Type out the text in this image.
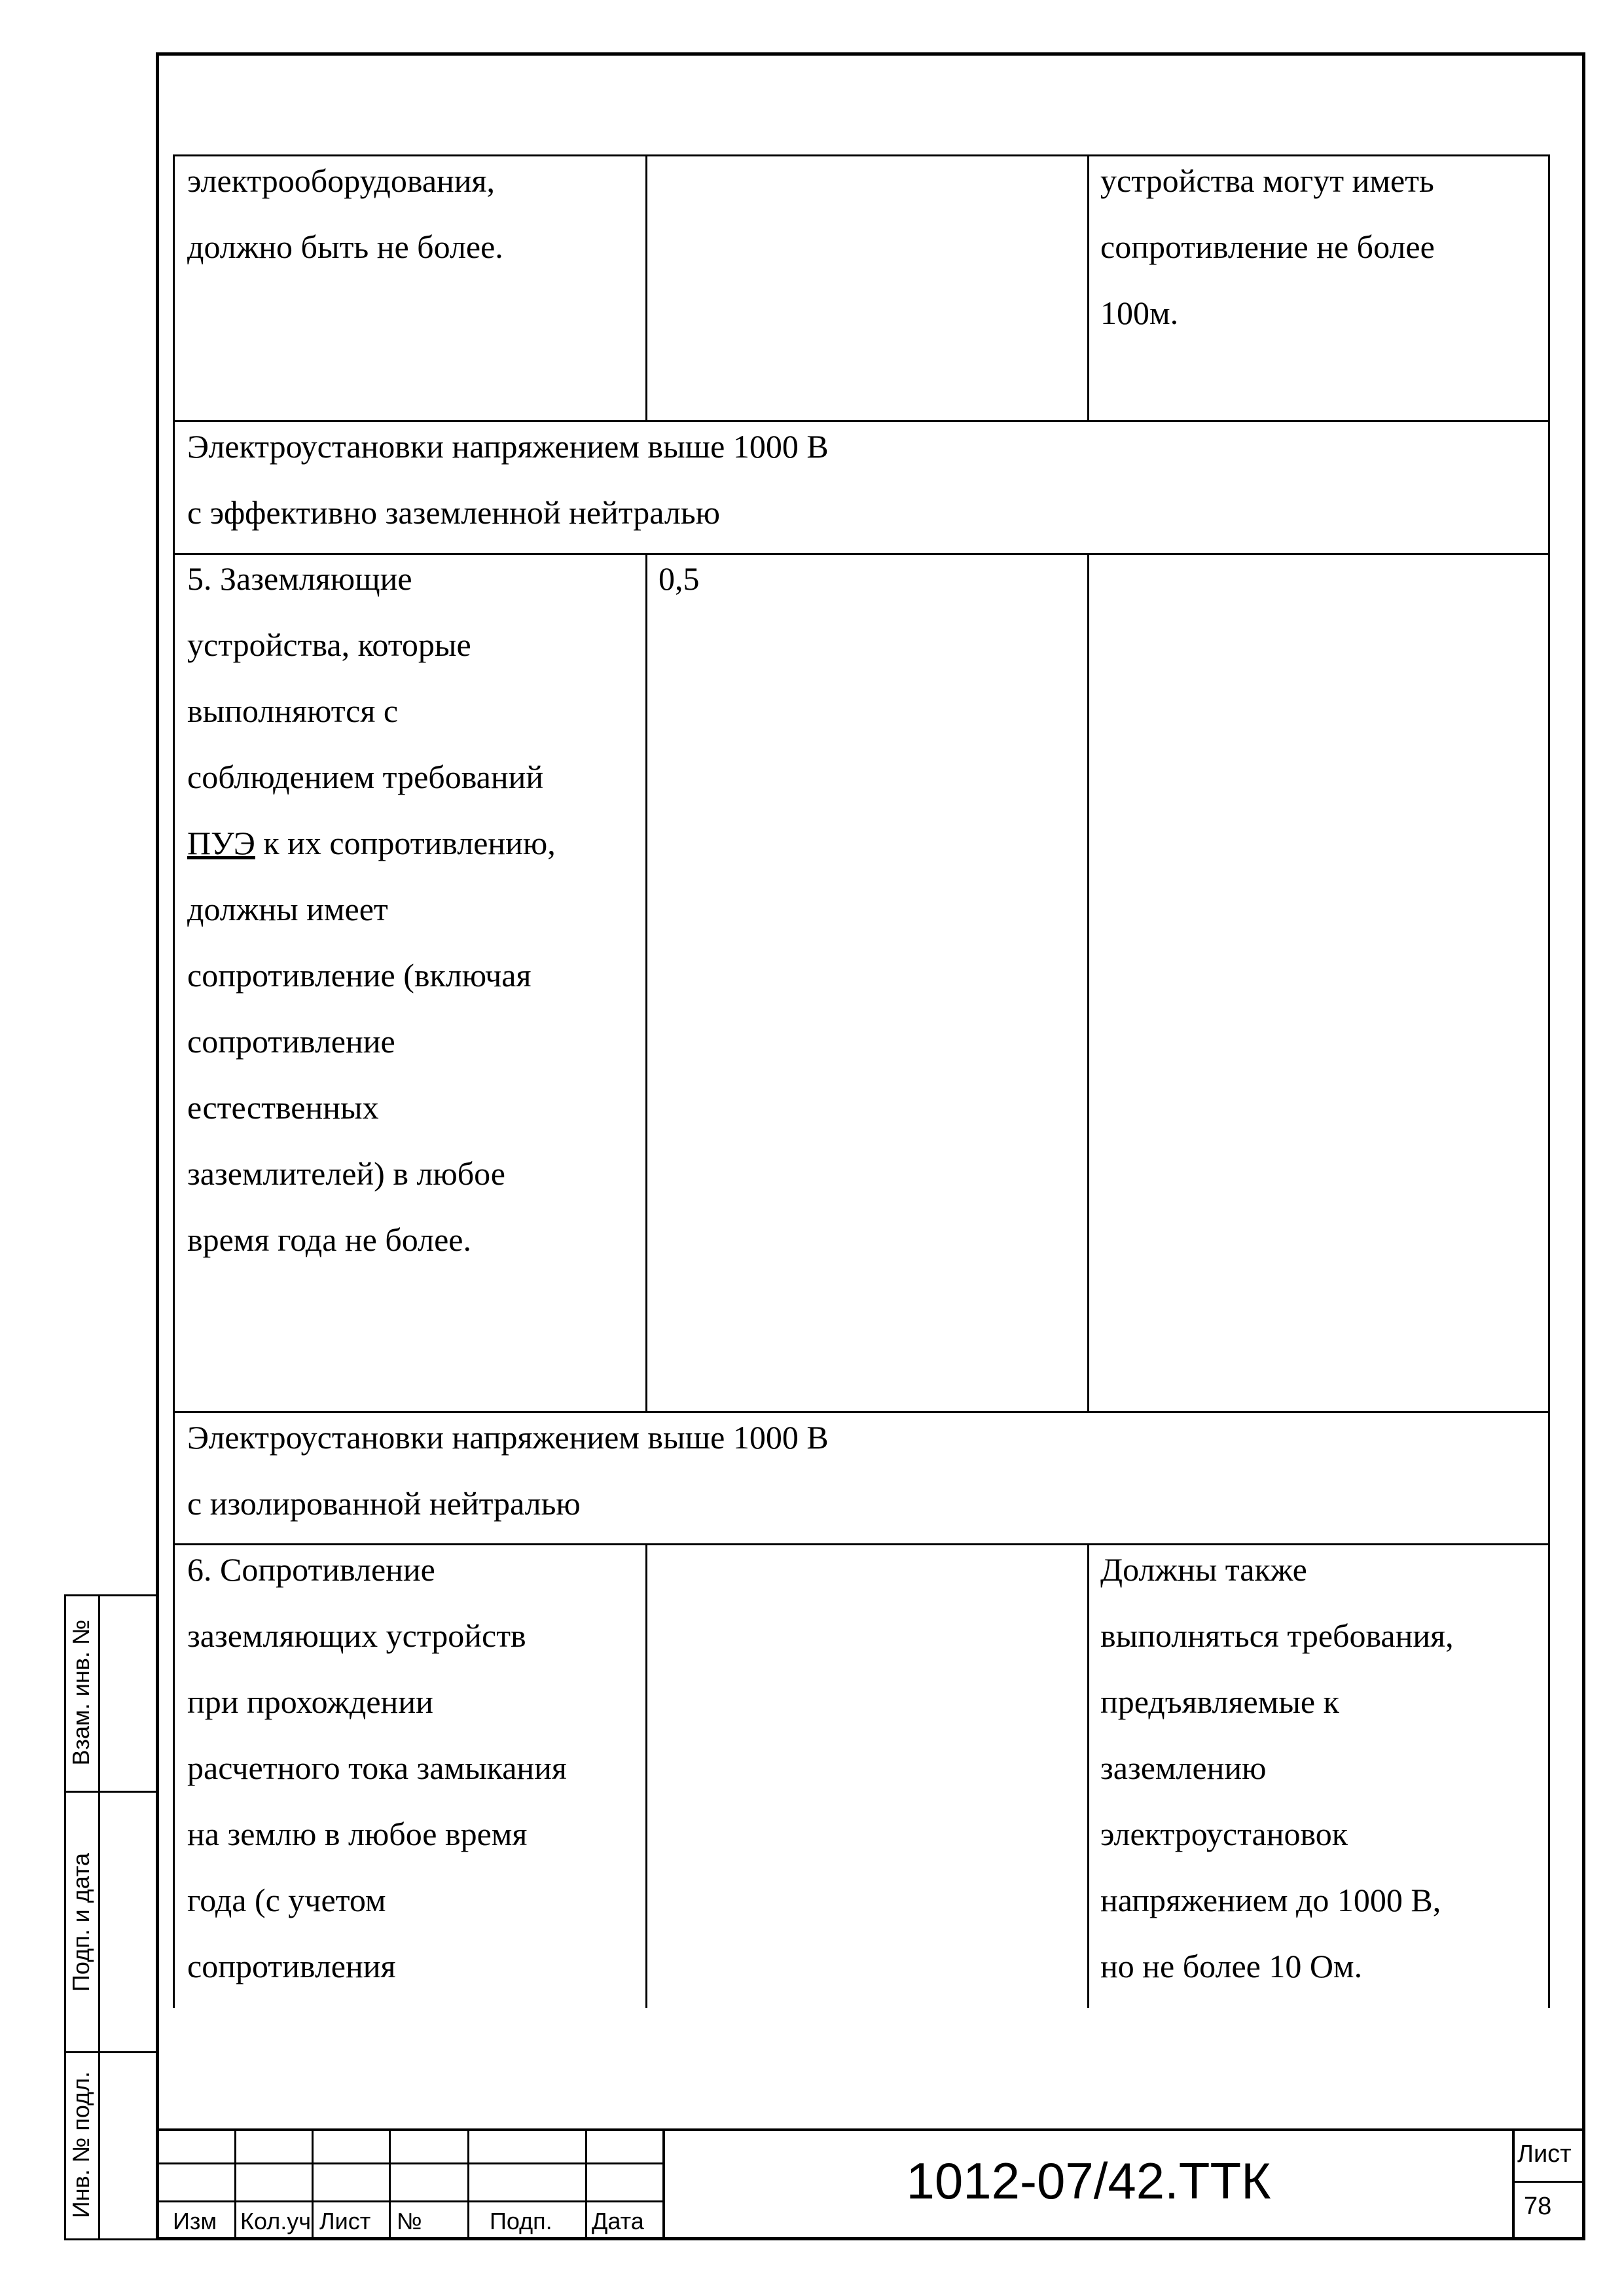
электрооборудования,
должно быть не более.
устройства могут иметь
сопротивление не более
100м.
Электроустановки напряжением выше 1000 В
с эффективно заземленной нейтралью
5. Заземляющие
устройства, которые
выполняются с
соблюдением требований
ПУЭ к их сопротивлению,
должны имеет
сопротивление (включая
сопротивление
естественных
заземлителей) в любое
время года не более.
0,5
Электроустановки напряжением выше 1000 В
с изолированной нейтралью
6. Сопротивление
заземляющих устройств
при прохождении
расчетного тока замыкания
на землю в любое время
года (с учетом
сопротивления
Должны также
выполняться требования,
предъявляемые к
заземлению
электроустановок
напряжением до 1000 В,
но не более 10 Ом.
Взам. инв. №
Подп. и дата
Инв. № подл.
Изм Кол.уч Лист №	Подп. Дата
1012-07/42.ТТК	Лист
78
